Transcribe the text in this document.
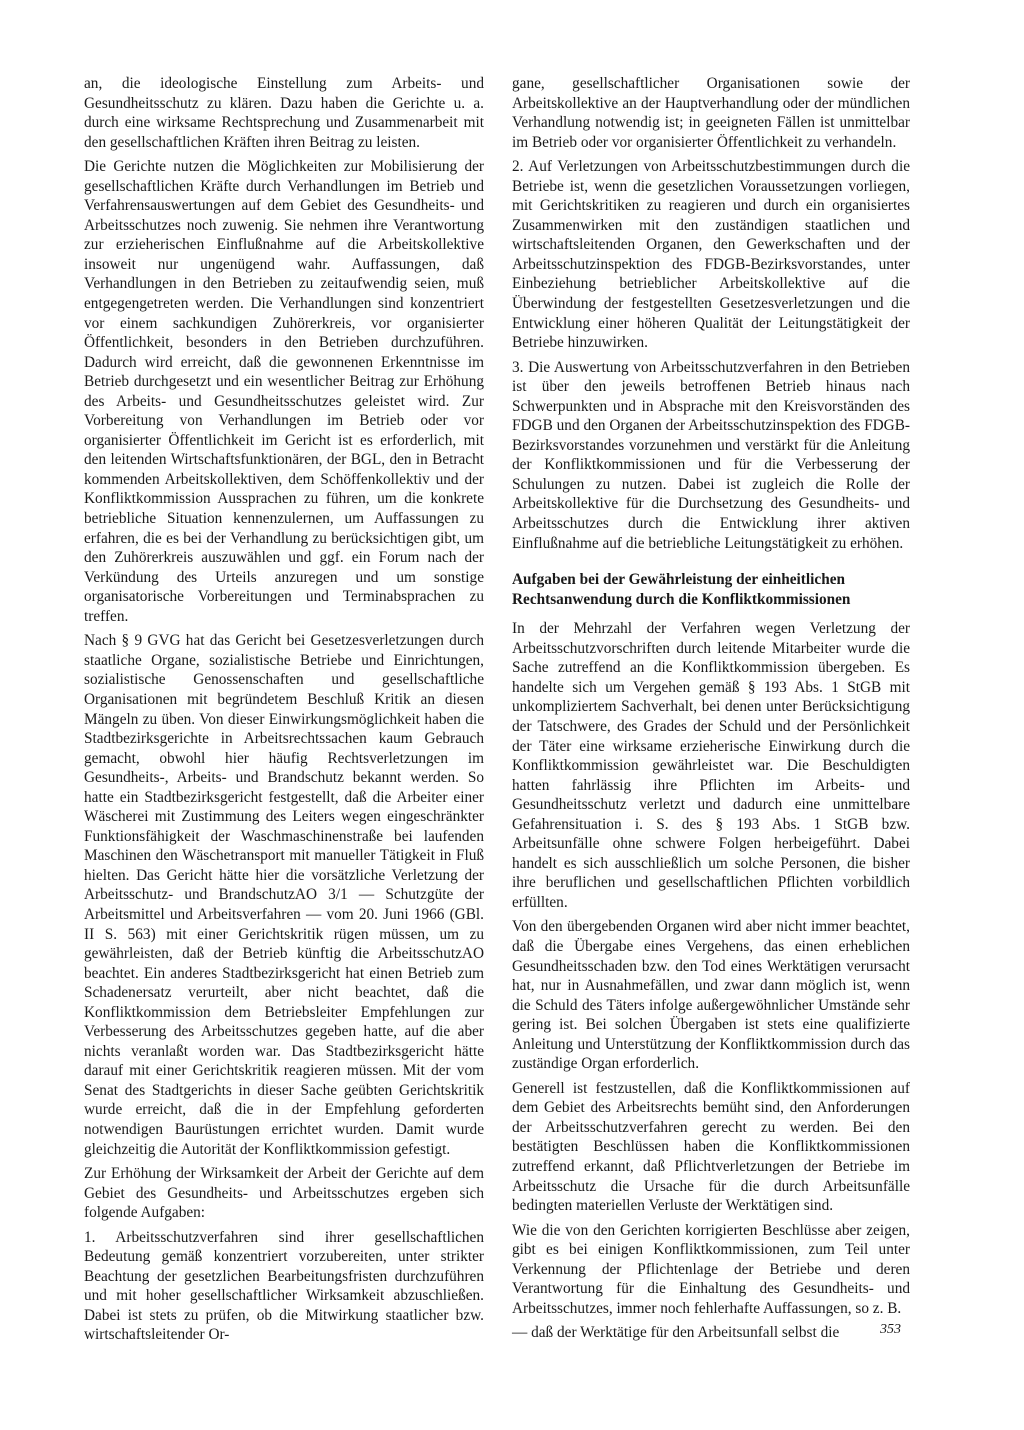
an, die ideologische Einstellung zum Arbeits- und Gesundheitsschutz zu klären. Dazu haben die Gerichte u. a. durch eine wirksame Rechtsprechung und Zusammenarbeit mit den gesellschaftlichen Kräften ihren Beitrag zu leisten.

Die Gerichte nutzen die Möglichkeiten zur Mobilisierung der gesellschaftlichen Kräfte durch Verhandlungen im Betrieb und Verfahrensauswertungen auf dem Gebiet des Gesundheits- und Arbeitsschutzes noch zuwenig. Sie nehmen ihre Verantwortung zur erzieherischen Einflußnahme auf die Arbeitskollektive insoweit nur ungenügend wahr. Auffassungen, daß Verhandlungen in den Betrieben zu zeitaufwendig seien, muß entgegengetreten werden. Die Verhandlungen sind konzentriert vor einem sachkundigen Zuhörerkreis, vor organisierter Öffentlichkeit, besonders in den Betrieben durchzuführen. Dadurch wird erreicht, daß die gewonnenen Erkenntnisse im Betrieb durchgesetzt und ein wesentlicher Beitrag zur Erhöhung des Arbeits- und Gesundheitsschutzes geleistet wird. Zur Vorbereitung von Verhandlungen im Betrieb oder vor organisierter Öffentlichkeit im Gericht ist es erforderlich, mit den leitenden Wirtschaftsfunktionären, der BGL, den in Betracht kommenden Arbeitskollektiven, dem Schöffenkollektiv und der Konfliktkommission Aussprachen zu führen, um die konkrete betriebliche Situation kennenzulernen, um Auffassungen zu erfahren, die es bei der Verhandlung zu berücksichtigen gibt, um den Zuhörerkreis auszuwählen und ggf. ein Forum nach der Verkündung des Urteils anzuregen und um sonstige organisatorische Vorbereitungen und Terminabsprachen zu treffen.

Nach § 9 GVG hat das Gericht bei Gesetzesverletzungen durch staatliche Organe, sozialistische Betriebe und Einrichtungen, sozialistische Genossenschaften und gesellschaftliche Organisationen mit begründetem Beschluß Kritik an diesen Mängeln zu üben. Von dieser Einwirkungsmöglichkeit haben die Stadtbezirksgerichte in Arbeitsrechtssachen kaum Gebrauch gemacht, obwohl hier häufig Rechtsverletzungen im Gesundheits-, Arbeits- und Brandschutz bekannt werden. So hatte ein Stadtbezirksgericht festgestellt, daß die Arbeiter einer Wäscherei mit Zustimmung des Leiters wegen eingeschränkter Funktionsfähigkeit der Waschmaschinenstraße bei laufenden Maschinen den Wäschetransport mit manueller Tätigkeit in Fluß hielten. Das Gericht hätte hier die vorsätzliche Verletzung der Arbeitsschutz- und BrandschutzAO 3/1 — Schutzgüte der Arbeitsmittel und Arbeitsverfahren — vom 20. Juni 1966 (GBl. II S. 563) mit einer Gerichtskritik rügen müssen, um zu gewährleisten, daß der Betrieb künftig die ArbeitsschutzAO beachtet. Ein anderes Stadtbezirksgericht hat einen Betrieb zum Schadenersatz verurteilt, aber nicht beachtet, daß die Konfliktkommission dem Betriebsleiter Empfehlungen zur Verbesserung des Arbeitsschutzes gegeben hatte, auf die aber nichts veranlaßt worden war. Das Stadtbezirksgericht hätte darauf mit einer Gerichtskritik reagieren müssen. Mit der vom Senat des Stadtgerichts in dieser Sache geübten Gerichtskritik wurde erreicht, daß die in der Empfehlung geforderten notwendigen Baurüstungen errichtet wurden. Damit wurde gleichzeitig die Autorität der Konfliktkommission gefestigt.

Zur Erhöhung der Wirksamkeit der Arbeit der Gerichte auf dem Gebiet des Gesundheits- und Arbeitsschutzes ergeben sich folgende Aufgaben:

1. Arbeitsschutzverfahren sind ihrer gesellschaftlichen Bedeutung gemäß konzentriert vorzubereiten, unter strikter Beachtung der gesetzlichen Bearbeitungsfristen durchzuführen und mit hoher gesellschaftlicher Wirksamkeit abzuschließen. Dabei ist stets zu prüfen, ob die Mitwirkung staatlicher bzw. wirtschaftsleitender Or-

gane, gesellschaftlicher Organisationen sowie der Arbeitskollektive an der Hauptverhandlung oder der mündlichen Verhandlung notwendig ist; in geeigneten Fällen ist unmittelbar im Betrieb oder vor organisierter Öffentlichkeit zu verhandeln.

2. Auf Verletzungen von Arbeitsschutzbestimmungen durch die Betriebe ist, wenn die gesetzlichen Voraussetzungen vorliegen, mit Gerichtskritiken zu reagieren und durch ein organisiertes Zusammenwirken mit den zuständigen staatlichen und wirtschaftsleitenden Organen, den Gewerkschaften und der Arbeitsschutzinspektion des FDGB-Bezirksvorstandes, unter Einbeziehung betrieblicher Arbeitskollektive auf die Überwindung der festgestellten Gesetzesverletzungen und die Entwicklung einer höheren Qualität der Leitungstätigkeit der Betriebe hinzuwirken.

3. Die Auswertung von Arbeitsschutzverfahren in den Betrieben ist über den jeweils betroffenen Betrieb hinaus nach Schwerpunkten und in Absprache mit den Kreisvorständen des FDGB und den Organen der Arbeitsschutzinspektion des FDGB-Bezirksvorstandes vorzunehmen und verstärkt für die Anleitung der Konfliktkommissionen und für die Verbesserung der Schulungen zu nutzen. Dabei ist zugleich die Rolle der Arbeitskollektive für die Durchsetzung des Gesundheits- und Arbeitsschutzes durch die Entwicklung ihrer aktiven Einflußnahme auf die betriebliche Leitungstätigkeit zu erhöhen.

Aufgaben bei der Gewährleistung der einheitlichen Rechtsanwendung durch die Konfliktkommissionen

In der Mehrzahl der Verfahren wegen Verletzung der Arbeitsschutzvorschriften durch leitende Mitarbeiter wurde die Sache zutreffend an die Konfliktkommission übergeben. Es handelte sich um Vergehen gemäß § 193 Abs. 1 StGB mit unkompliziertem Sachverhalt, bei denen unter Berücksichtigung der Tatschwere, des Grades der Schuld und der Persönlichkeit der Täter eine wirksame erzieherische Einwirkung durch die Konfliktkommission gewährleistet war. Die Beschuldigten hatten fahrlässig ihre Pflichten im Arbeits- und Gesundheitsschutz verletzt und dadurch eine unmittelbare Gefahrensituation i. S. des § 193 Abs. 1 StGB bzw. Arbeitsunfälle ohne schwere Folgen herbeigeführt. Dabei handelt es sich ausschließlich um solche Personen, die bisher ihre beruflichen und gesellschaftlichen Pflichten vorbildlich erfüllten.

Von den übergebenden Organen wird aber nicht immer beachtet, daß die Übergabe eines Vergehens, das einen erheblichen Gesundheitsschaden bzw. den Tod eines Werktätigen verursacht hat, nur in Ausnahmefällen, und zwar dann möglich ist, wenn die Schuld des Täters infolge außergewöhnlicher Umstände sehr gering ist. Bei solchen Übergaben ist stets eine qualifizierte Anleitung und Unterstützung der Konfliktkommission durch das zuständige Organ erforderlich.

Generell ist festzustellen, daß die Konfliktkommissionen auf dem Gebiet des Arbeitsrechts bemüht sind, den Anforderungen der Arbeitsschutzverfahren gerecht zu werden. Bei den bestätigten Beschlüssen haben die Konfliktkommissionen zutreffend erkannt, daß Pflichtverletzungen der Betriebe im Arbeitsschutz die Ursache für die durch Arbeitsunfälle bedingten materiellen Verluste der Werktätigen sind.

Wie die von den Gerichten korrigierten Beschlüsse aber zeigen, gibt es bei einigen Konfliktkommissionen, zum Teil unter Verkennung der Pflichtenlage der Betriebe und deren Verantwortung für die Einhaltung des Gesundheits- und Arbeitsschutzes, immer noch fehlerhafte Auffassungen, so z. B.

— daß der Werktätige für den Arbeitsunfall selbst die	353
